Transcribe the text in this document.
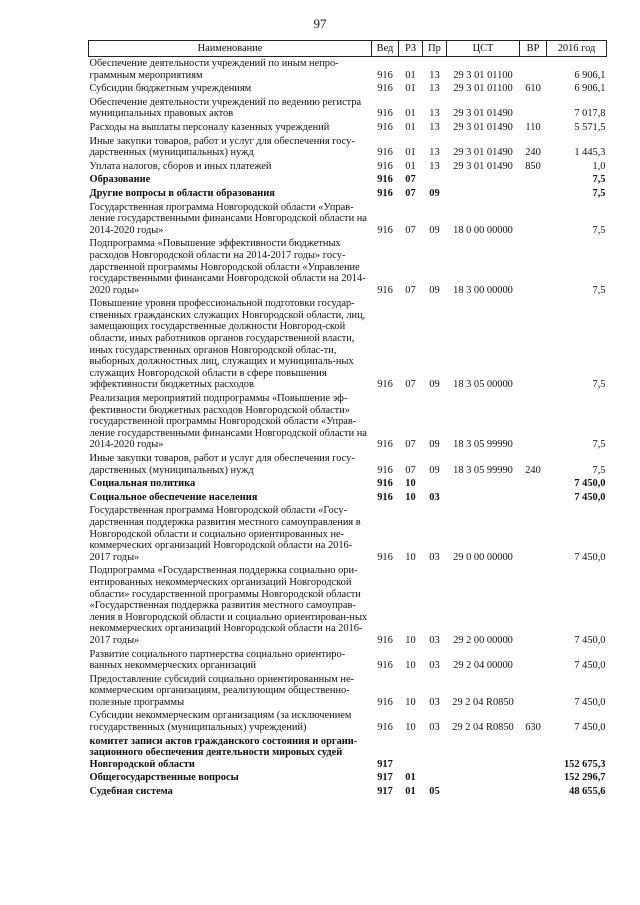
97
Наименование	Вед	РЗ	Пр	ЦСТ	ВР	2016 год
Обеспечение деятельности учреждений по иным непро-граммным мероприятиям	916	01	13	29 3 01 01100		6 906,1
Субсидии бюджетным учреждениям	916	01	13	29 3 01 01100	610	6 906,1
Обеспечение деятельности учреждений по ведению регистра муниципальных правовых актов	916	01	13	29 3 01 01490		7 017,8
Расходы на выплаты персоналу казенных учреждений	916	01	13	29 3 01 01490	110	5 571,5
Иные закупки товаров, работ и услуг для обеспечения госу-дарственных (муниципальных) нужд	916	01	13	29 3 01 01490	240	1 445,3
Уплата налогов, сборов и иных платежей	916	01	13	29 3 01 01490	850	1,0
Образование	916	07				7,5
Другие вопросы в области образования	916	07	09			7,5
Государственная программа Новгородской области «Управ-ление государственными финансами Новгородской области на 2014-2020 годы»	916	07	09	18 0 00 00000		7,5
Подпрограмма «Повышение эффективности бюджетных расходов Новгородской области на 2014-2017 годы» госу-дарственной программы Новгородской области «Управление государственными финансами Новгородской области на 2014-2020 годы»	916	07	09	18 3 00 00000		7,5
Повышение уровня профессиональной подготовки государ-ственных гражданских служащих Новгородской области, лиц, замещающих государственные должности Новгород-ской области, иных работников органов государственной власти, иных государственных органов Новгородской облас-ти, выборных должностных лиц, служащих и муниципаль-ных служащих Новгородской области в сфере повышения эффективности бюджетных расходов	916	07	09	18 3 05 00000		7,5
Реализация мероприятий подпрограммы «Повышение эф-фективности бюджетных расходов Новгородской области» государственной программы Новгородской области «Управ-ление государственными финансами Новгородской области на 2014-2020 годы»	916	07	09	18 3 05 99990		7,5
Иные закупки товаров, работ и услуг для обеспечения госу-дарственных (муниципальных) нужд	916	07	09	18 3 05 99990	240	7,5
Социальная политика	916	10				7 450,0
Социальное обеспечение населения	916	10	03			7 450,0
Государственная программа Новгородской области «Госу-дарственная поддержка развития местного самоуправления в Новгородской области и социально ориентированных не-коммерческих организаций Новгородской области на 2016-2017 годы»	916	10	03	29 0 00 00000		7 450,0
Подпрограмма «Государственная поддержка социально ори-ентированных некоммерческих организаций Новгородской области» государственной программы Новгородской области «Государственная поддержка развития местного самоуправ-ления в Новгородской области и социально ориентирован-ных некоммерческих организаций Новгородской области на 2016-2017 годы»	916	10	03	29 2 00 00000		7 450,0
Развитие социального партнерства социально ориентиро-ванных некоммерческих организаций	916	10	03	29 2 04 00000		7 450,0
Предоставление субсидий социально ориентированным не-коммерческим организациям, реализующим общественно-полезные программы	916	10	03	29 2 04 R0850		7 450,0
Субсидии некоммерческим организациям (за исключением государственных (муниципальных) учреждений)	916	10	03	29 2 04 R0850	630	7 450,0
комитет записи актов гражданского состояния и органи-зационного обеспечения деятельности мировых судей Новгородской области	917					152 675,3
Общегосударственные вопросы	917	01				152 296,7
Судебная система	917	01	05			48 655,6
